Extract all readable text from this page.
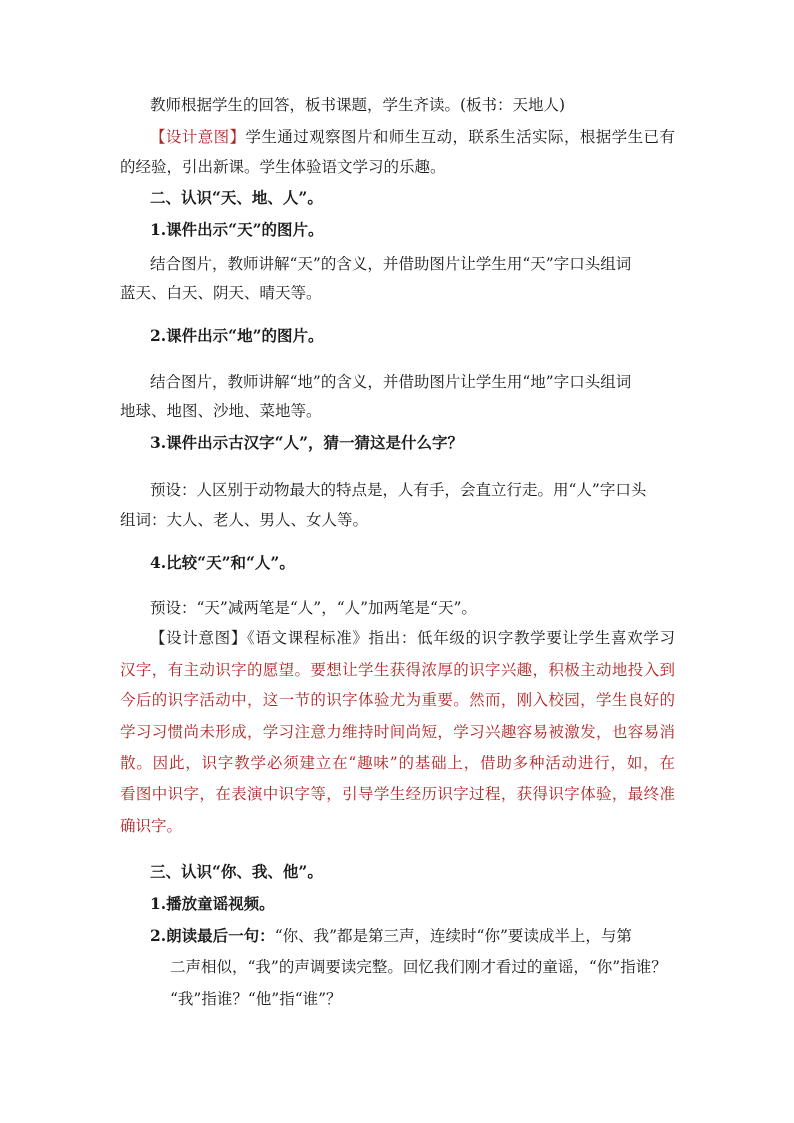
教师根据学生的回答，板书课题，学生齐读。(板书：天地人)

【设计意图】学生通过观察图片和师生互动，联系生活实际，根据学生已有

的经验，引出新课。学生体验语文学习的乐趣。

二、认识“天、地、人”。

1.课件出示“天”的图片。

结合图片，教师讲解“天”的含义，并借助图片让学生用“天”字口头组词

蓝天、白天、阴天、晴天等。

2.课件出示“地”的图片。

结合图片，教师讲解“地”的含义，并借助图片让学生用“地”字口头组词

地球、地图、沙地、菜地等。

3.课件出示古汉字“人”，猜一猜这是什么字？

预设：人区别于动物最大的特点是，人有手，会直立行走。用“人”字口头

组词：大人、老人、男人、女人等。

4.比较“天”和“人”。

预设：“天”减两笔是“人”，“人”加两笔是“天”。

【设计意图】《语文课程标准》指出：低年级的识字教学要让学生喜欢学习

汉字，有主动识字的愿望。要想让学生获得浓厚的识字兴趣，积极主动地投入到

今后的识字活动中，这一节的识字体验尤为重要。然而，刚入校园，学生良好的

学习习惯尚未形成，学习注意力维持时间尚短，学习兴趣容易被激发，也容易消

散。因此，识字教学必须建立在“趣味”的基础上，借助多种活动进行，如，在

看图中识字，在表演中识字等，引导学生经历识字过程，获得识字体验，最终准

确识字。

三、认识“你、我、他”。

1.播放童谣视频。

2.朗读最后一句：“你、我”都是第三声，连续时“你”要读成半上，与第

二声相似，“我”的声调要读完整。回忆我们刚才看过的童谣，“你”指谁？

“我”指谁？“他”指“谁”？
